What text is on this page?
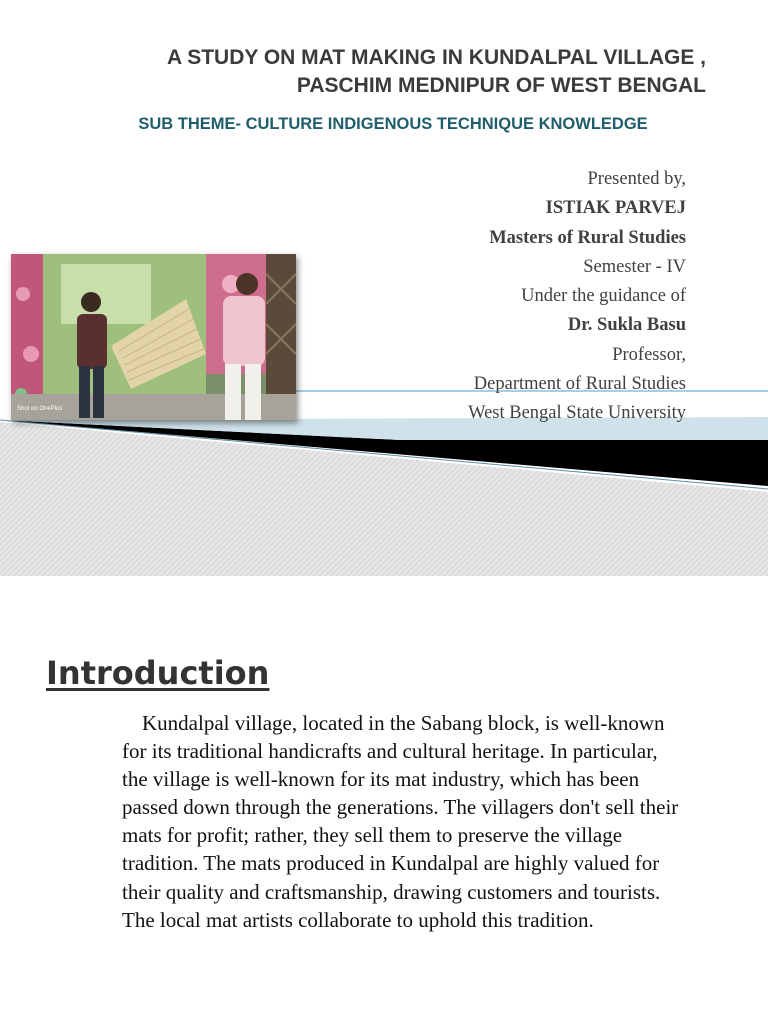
A STUDY ON MAT MAKING IN KUNDALPAL VILLAGE ,
PASCHIM MEDNIPUR OF WEST BENGAL
SUB THEME- CULTURE INDIGENOUS TECHNIQUE KNOWLEDGE
Presented by,
ISTIAK PARVEJ
Masters of Rural Studies
Semester - IV
Under the guidance of
Dr. Sukla Basu
Professor,
Department of Rural Studies
West Bengal State University
Shot on OnePlus
Introduction

Kundalpal village, located in the Sabang block, is well-known for its traditional handicrafts and cultural heritage. In particular, the village is well-known for its mat industry, which has been passed down through the generations. The villagers don't sell their mats for profit; rather, they sell them to preserve the village tradition. The mats produced in Kundalpal are highly valued for their quality and craftsmanship, drawing customers and tourists. The local mat artists collaborate to uphold this tradition.
